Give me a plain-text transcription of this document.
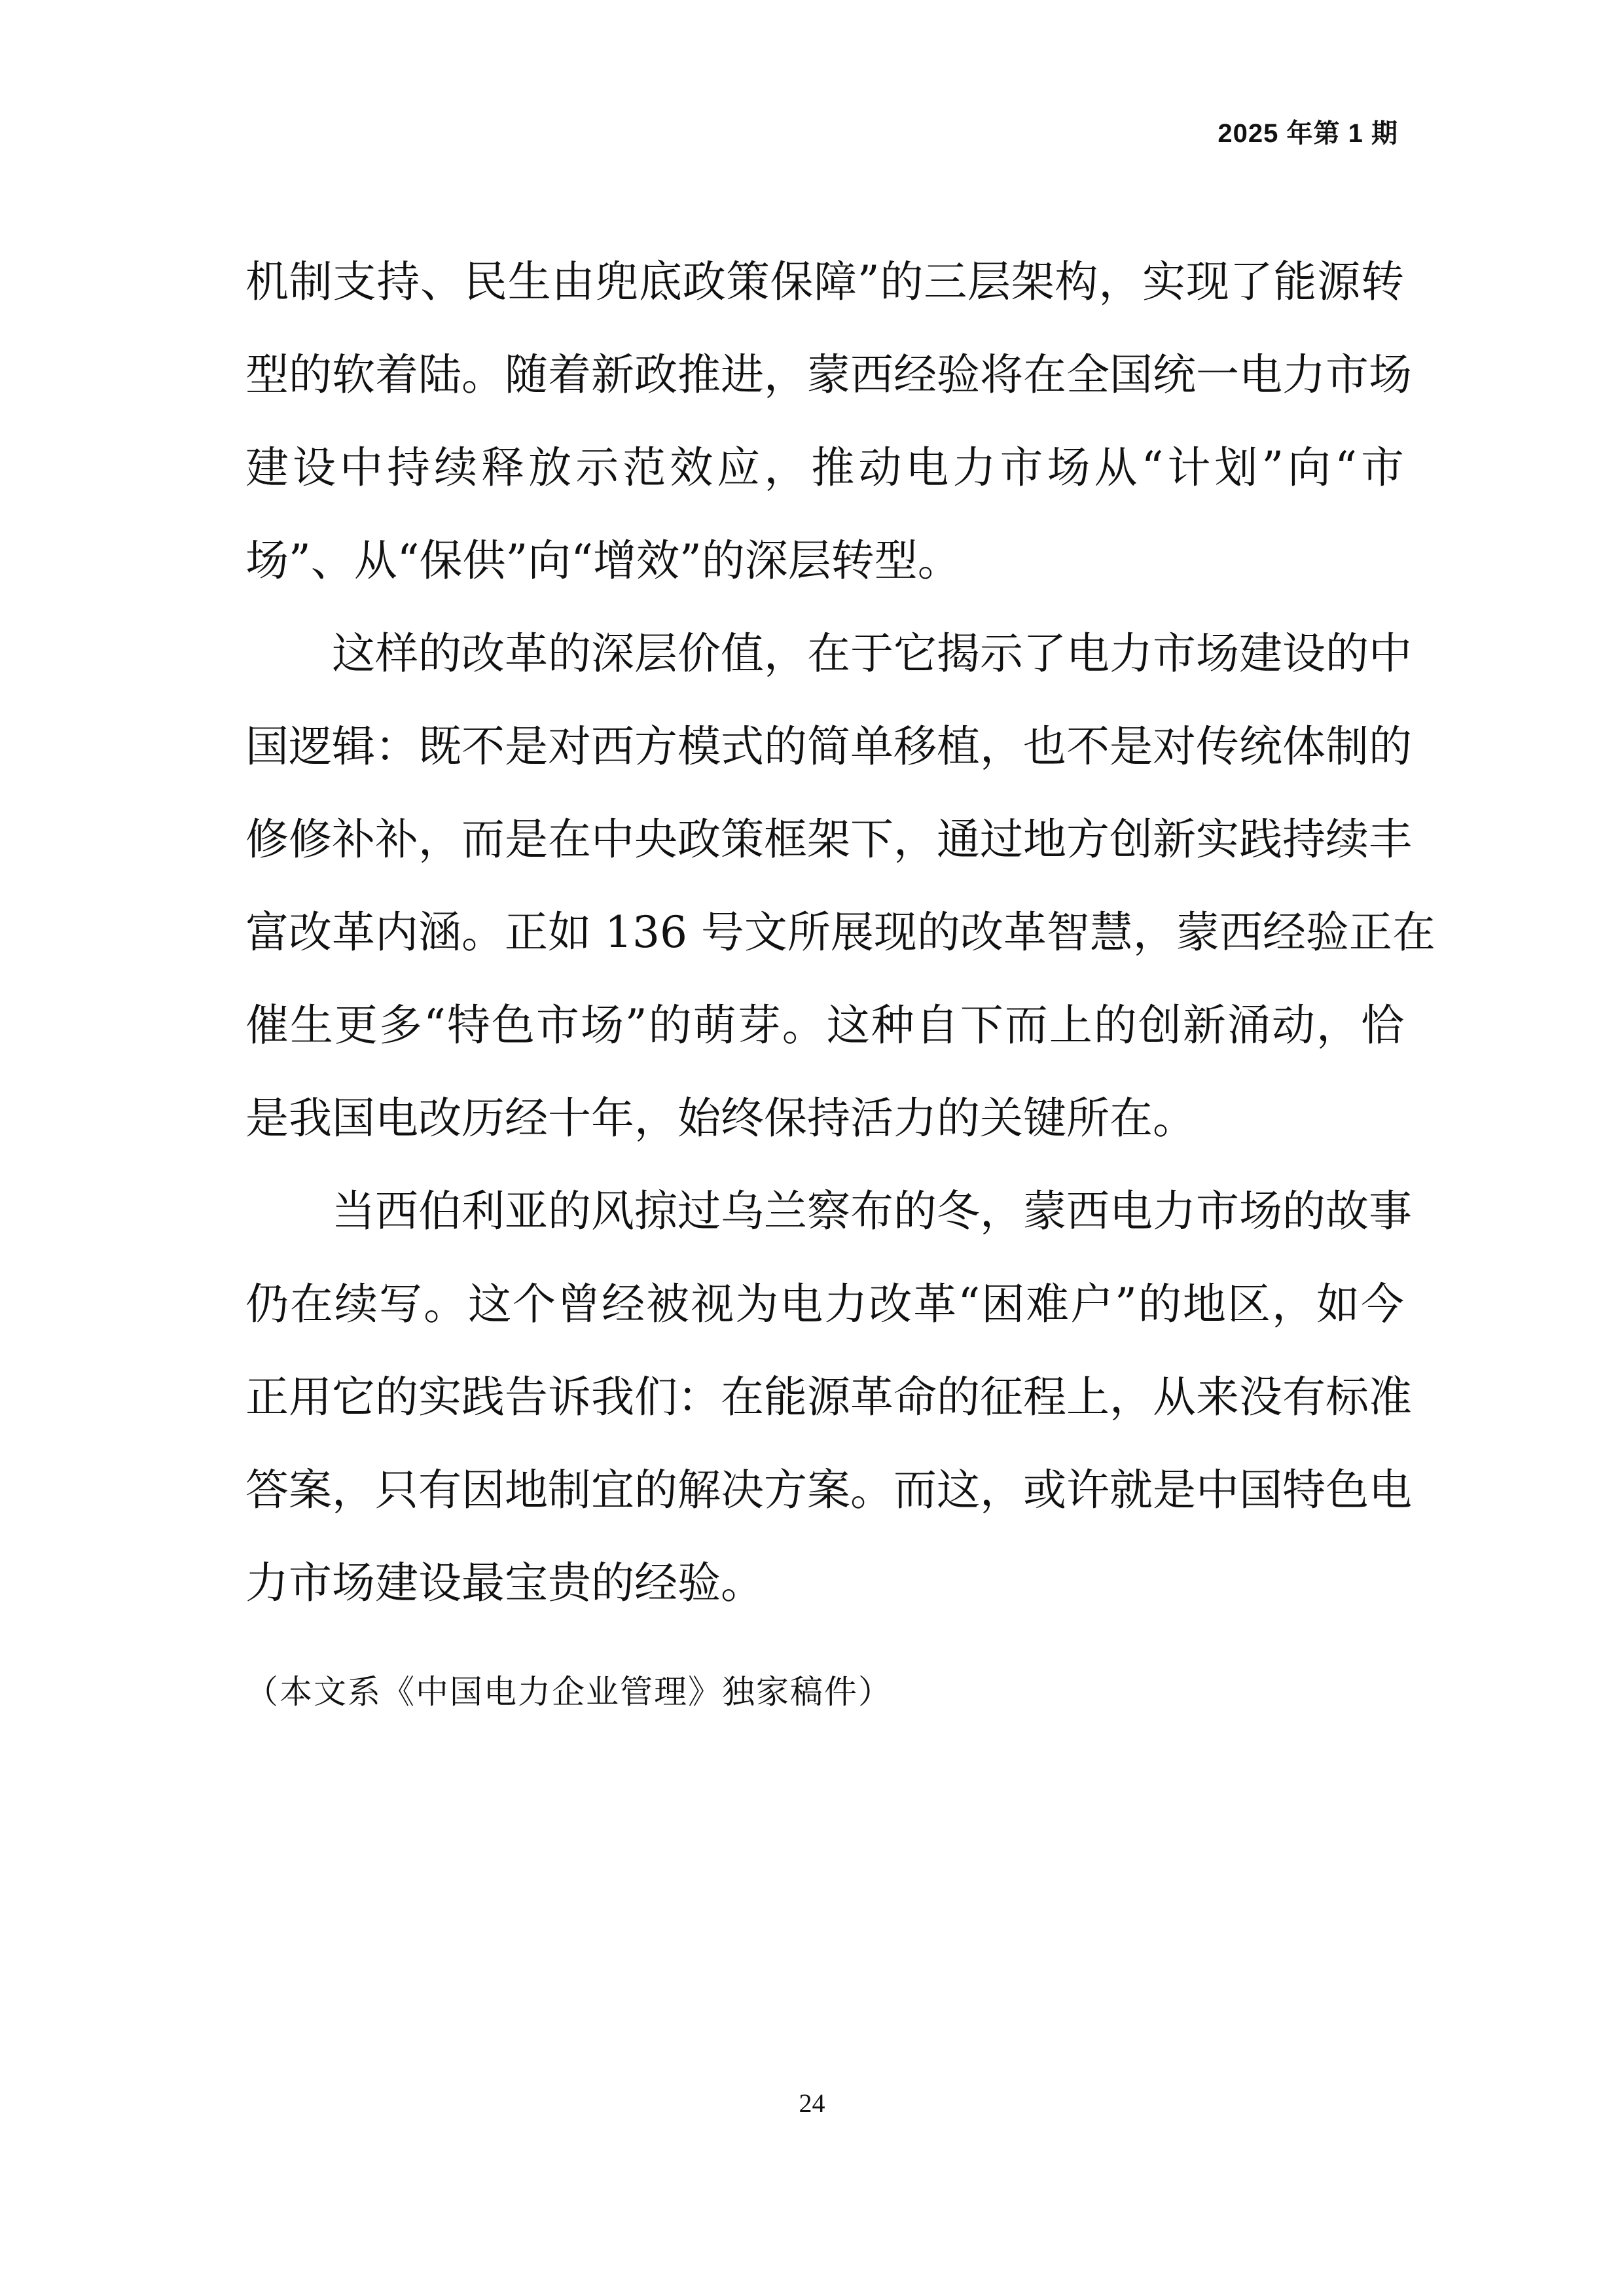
2025 年第 1 期
机制支持、民生由兜底政策保障”的三层架构，实现了能源转
型的软着陆。随着新政推进，蒙西经验将在全国统一电力市场
建设中持续释放示范效应，推动电力市场从“计划”向“市
场”、从“保供”向“增效”的深层转型。
　　这样的改革的深层价值，在于它揭示了电力市场建设的中
国逻辑：既不是对西方模式的简单移植，也不是对传统体制的
修修补补，而是在中央政策框架下，通过地方创新实践持续丰
富改革内涵。正如 136 号文所展现的改革智慧，蒙西经验正在
催生更多“特色市场”的萌芽。这种自下而上的创新涌动，恰
是我国电改历经十年，始终保持活力的关键所在。
　　当西伯利亚的风掠过乌兰察布的冬，蒙西电力市场的故事
仍在续写。这个曾经被视为电力改革“困难户”的地区，如今
正用它的实践告诉我们：在能源革命的征程上，从来没有标准
答案，只有因地制宜的解决方案。而这，或许就是中国特色电
力市场建设最宝贵的经验。
（本文系《中国电力企业管理》独家稿件）
24
